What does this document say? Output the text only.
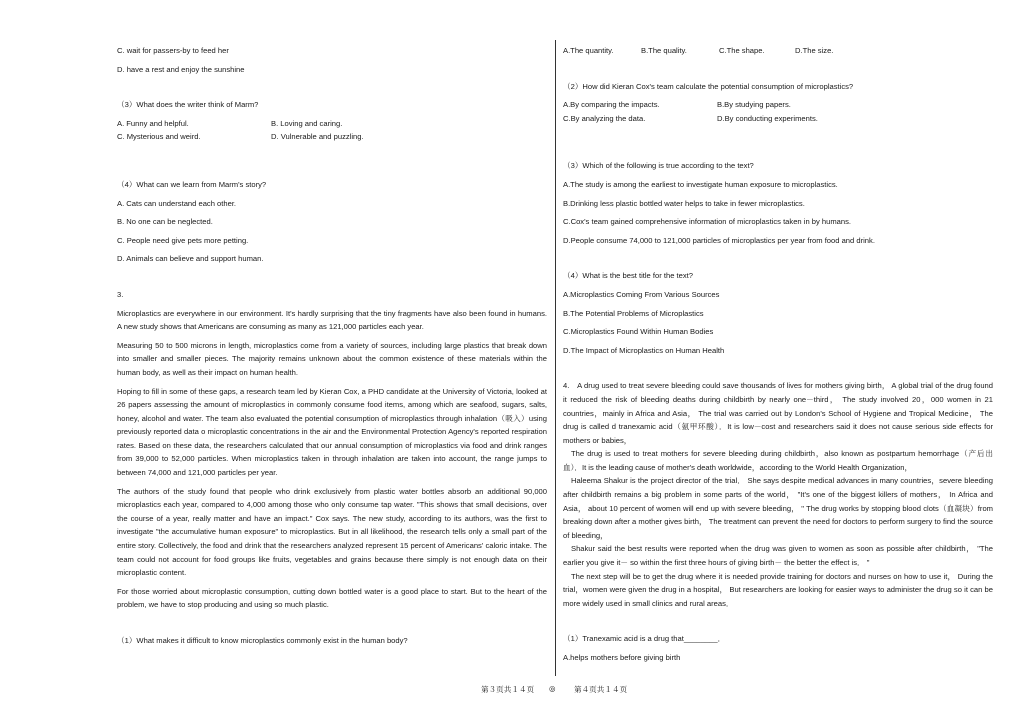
C. wait for passers-by to feed her

D. have a rest and enjoy the sunshine

（3）What does the writer think of Marm?

A. Funny and helpful.	B. Loving and caring.
C. Mysterious and weird.	D. Vulnerable and puzzling.

（4）What can we learn from Marm's story?

A. Cats can understand each other.

B. No one can be neglected.

C. People need give pets more petting.

D. Animals can believe and support human.

3.

Microplastics are everywhere in our environment. It's hardly surprising that the tiny fragments have also been found in humans. A new study shows that Americans are consuming as many as 121,000 particles each year.

Measuring 50 to 500 microns in length, microplastics come from a variety of sources, including large plastics that break down into smaller and smaller pieces. The majority remains unknown about the common existence of these materials within the human body, as well as their impact on human health.

Hoping to fill in some of these gaps, a research team led by Kieran Cox, a PHD candidate at the University of Victoria, looked at 26 papers assessing the amount of microplastics in commonly consume food items, among which are seafood, sugars, salts, honey, alcohol and water. The team also evaluated the potential consumption of microplastics through inhalation（吸入）using previously reported data o microplastic concentrations in the air and the Environmental Protection Agency's reported respiration rates. Based on these data, the researchers calculated that our annual consumption of microplastics via food and drink ranges from 39,000 to 52,000 particles. When microplastics taken in through inhalation are taken into account, the range jumps to between 74,000 and 121,000 particles per year.

The authors of the study found that people who drink exclusively from plastic water bottles absorb an additional 90,000 microplastics each year, compared to 4,000 among those who only consume tap water. "This shows that small decisions, over the course of a year, really matter and have an impact." Cox says. The new study, according to its authors, was the first to investigate "the accumulative human exposure" to microplastics. But in all likelihood, the research tells only a small part of the entire story. Collectively, the food and drink that the researchers analyzed represent 15 percent of Americans' caloric intake. The team could not account for food groups like fruits, vegetables and grains because there simply is not enough data on their microplastic content.

For those worried about microplastic consumption, cutting down bottled water is a good place to start. But to the heart of the problem, we have to stop producing and using so much plastic.

（1）What makes it difficult to know microplastics commonly exist in the human body?

A.The quantity.	B.The quality.	C.The shape.	D.The size.

（2）How did Kieran Cox's team calculate the potential consumption of microplastics?

A.By comparing the impacts.	B.By studying papers.
C.By analyzing the data.	D.By conducting experiments.

（3）Which of the following is true according to the text?

A.The study is among the earliest to investigate human exposure to microplastics.

B.Drinking less plastic bottled water helps to take in fewer microplastics.

C.Cox's team gained comprehensive information of microplastics taken in by humans.

D.People consume 74,000 to 121,000 particles of microplastics per year from food and drink.

（4）What is the best title for the text?

A.Microplastics Coming From Various Sources

B.The Potential Problems of Microplastics

C.Microplastics Found Within Human Bodies

D.The Impact of Microplastics on Human Health

4.　A drug used to treat severe bleeding could save thousands of lives for mothers giving birth， A global trial of the drug found it reduced the risk of bleeding deaths during childbirth by nearly one－third， The study involved 20，000 women in 21 countries，mainly in Africa and Asia， The trial was carried out by London's School of Hygiene and Tropical Medicine， The drug is called d tranexamic acid（氨甲环酸）．It is low－cost and researchers said it does not cause serious side effects for mothers or babies，

The drug is used to treat mothers for severe bleeding during childbirth，also known as postpartum hemorrhage（产后出血）．It is the leading cause of mother's death worldwide，according to the World Health Organization，

Haleema Shakur is the project director of the trial． She says despite medical advances in many countries，severe bleeding after childbirth remains a big problem in some parts of the world， "It's one of the biggest killers of mothers， In Africa and Asia， about 10 percent of women will end up with severe bleeding， " The drug works by stopping blood clots（血凝块）from breaking down after a mother gives birth， The treatment can prevent the need for doctors to perform surgery to find the source of bleeding，

Shakur said the best results were reported when the drug was given to women as soon as possible after childbirth， "The earlier you give it－ so within the first three hours of giving birth－ the better the effect is． "

The next step will be to get the drug where it is needed provide training for doctors and nurses on how to use it， During the trial，women were given the drug in a hospital， But researchers are looking for easier ways to administer the drug so it can be more widely used in small clinics and rural areas．

（1）Tranexamic acid is a drug that________．

A.helps mothers before giving birth

第３页共１４页 ◎ 第４页共１４页
